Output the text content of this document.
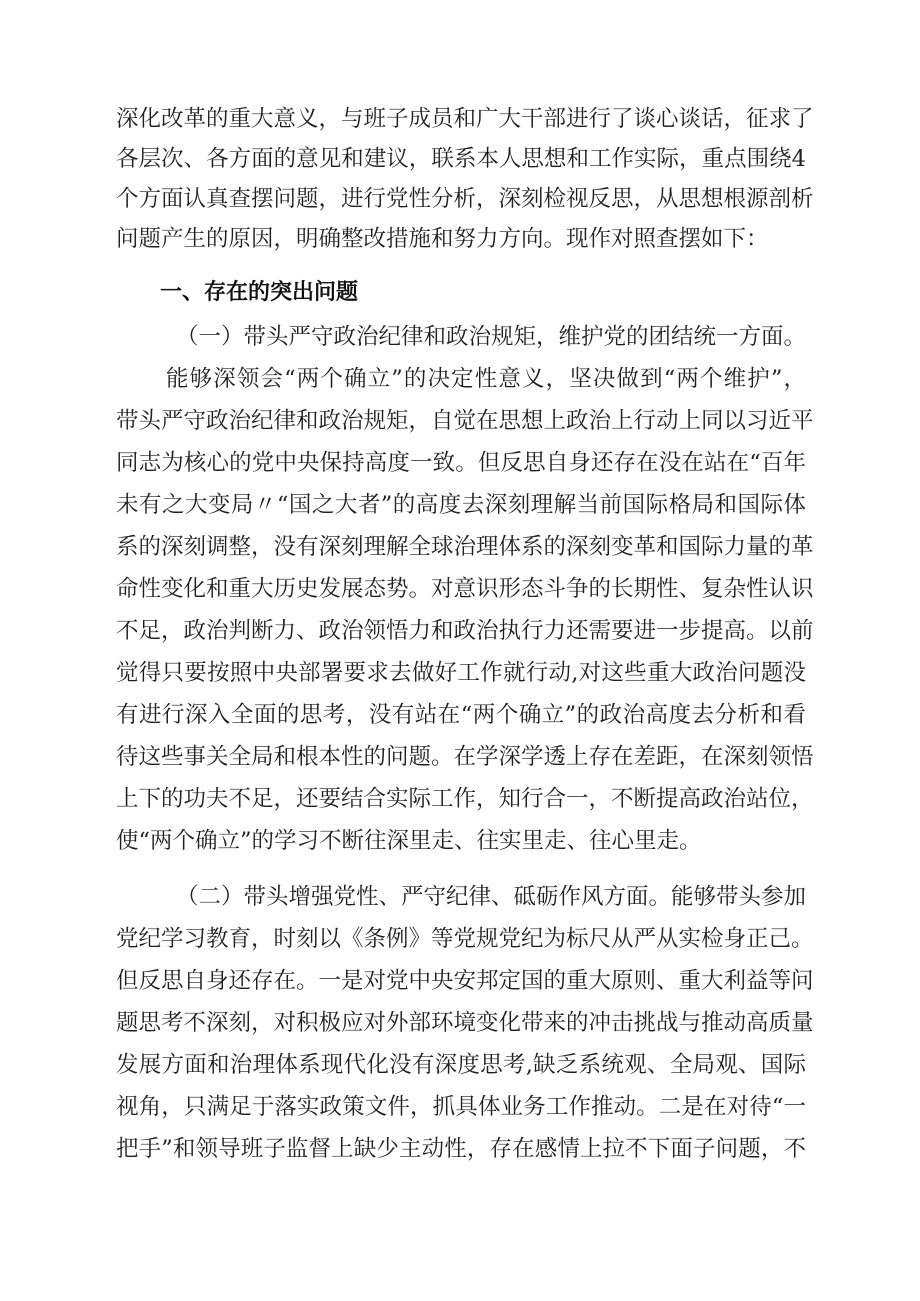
深化改革的重大意义，与班子成员和广大干部进行了谈心谈话，征求了
各层次、各方面的意见和建议，联系本人思想和工作实际，重点围绕4
个方面认真查摆问题，进行党性分析，深刻检视反思，从思想根源剖析
问题产生的原因，明确整改措施和努力方向。现作对照查摆如下：
一、存在的突出问题
（一）带头严守政治纪律和政治规矩，维护党的团结统一方面。
能够深领会“两个确立”的决定性意义，坚决做到“两个维护”，
带头严守政治纪律和政治规矩，自觉在思想上政治上行动上同以习近平
同志为核心的党中央保持高度一致。但反思自身还存在没在站在“百年
未有之大变局〃“国之大者”的高度去深刻理解当前国际格局和国际体
系的深刻调整，没有深刻理解全球治理体系的深刻变革和国际力量的革
命性变化和重大历史发展态势。对意识形态斗争的长期性、复杂性认识
不足，政治判断力、政治领悟力和政治执行力还需要进一步提高。以前
觉得只要按照中央部署要求去做好工作就行动,对这些重大政治问题没
有进行深入全面的思考，没有站在“两个确立”的政治高度去分析和看
待这些事关全局和根本性的问题。在学深学透上存在差距，在深刻领悟
上下的功夫不足，还要结合实际工作，知行合一，不断提高政治站位，
使“两个确立”的学习不断往深里走、往实里走、往心里走。
（二）带头增强党性、严守纪律、砥砺作风方面。能够带头参加
党纪学习教育，时刻以《条例》等党规党纪为标尺从严从实检身正己。
但反思自身还存在。一是对党中央安邦定国的重大原则、重大利益等问
题思考不深刻，对积极应对外部环境变化带来的冲击挑战与推动高质量
发展方面和治理体系现代化没有深度思考,缺乏系统观、全局观、国际
视角，只满足于落实政策文件，抓具体业务工作推动。二是在对待“一
把手”和领导班子监督上缺少主动性，存在感情上拉不下面子问题，不
